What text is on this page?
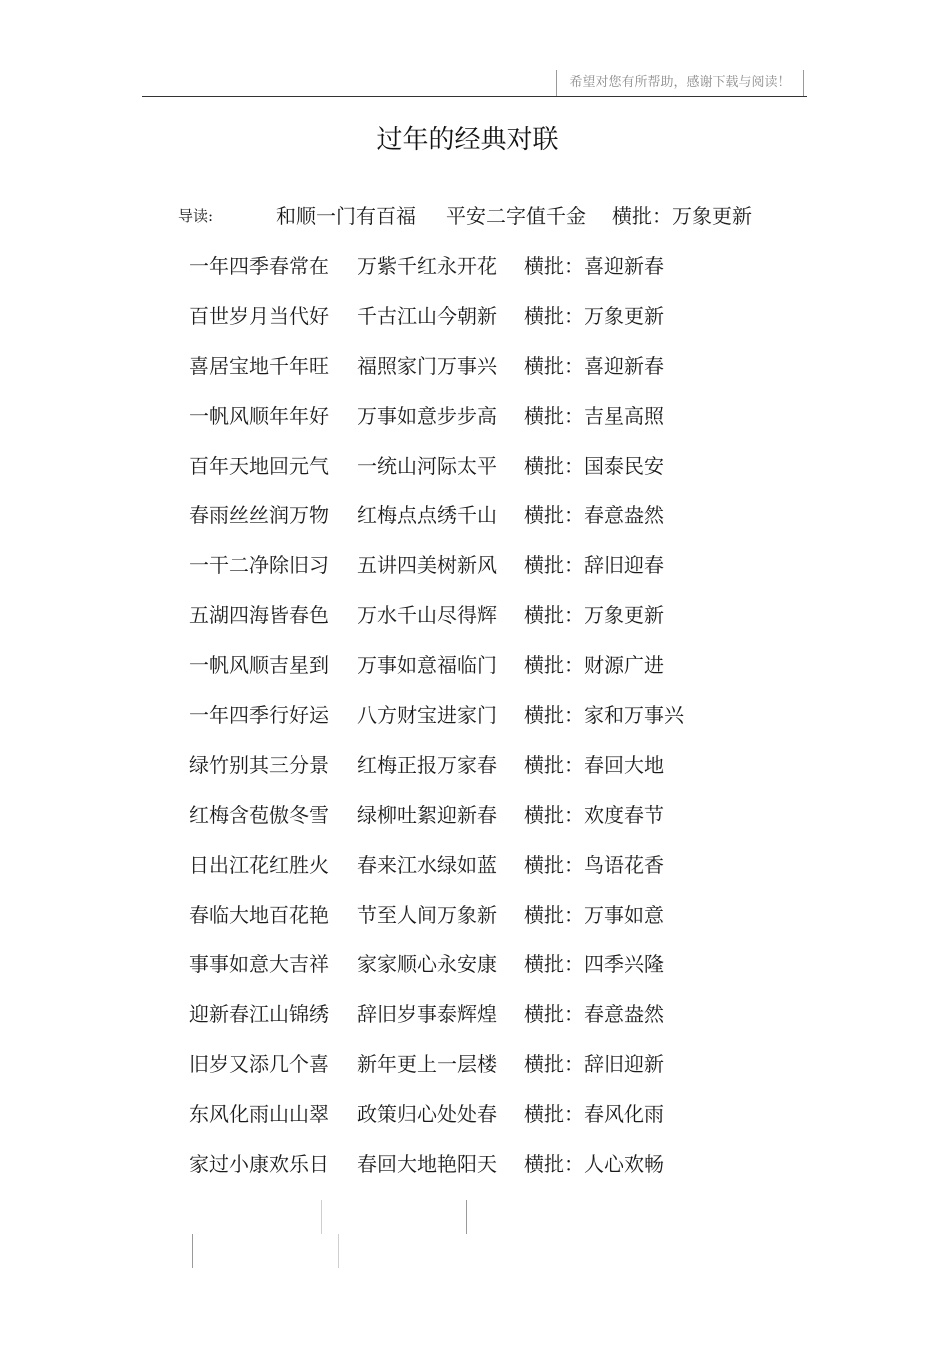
希望对您有所帮助，感谢下载与阅读！
过年的经典对联
导读:	和顺一门有百福 平安二字值千金 横批：万象更新
一年四季春常在 万紫千红永开花 横批：喜迎新春
百世岁月当代好 千古江山今朝新 横批：万象更新
喜居宝地千年旺 福照家门万事兴 横批：喜迎新春
一帆风顺年年好 万事如意步步高 横批：吉星高照
百年天地回元气 一统山河际太平 横批：国泰民安
春雨丝丝润万物 红梅点点绣千山 横批：春意盎然
一干二净除旧习 五讲四美树新风 横批：辞旧迎春
五湖四海皆春色 万水千山尽得辉 横批：万象更新
一帆风顺吉星到 万事如意福临门 横批：财源广进
一年四季行好运 八方财宝进家门 横批：家和万事兴
绿竹别其三分景 红梅正报万家春 横批：春回大地
红梅含苞傲冬雪 绿柳吐絮迎新春 横批：欢度春节
日出江花红胜火 春来江水绿如蓝 横批：鸟语花香
春临大地百花艳 节至人间万象新 横批：万事如意
事事如意大吉祥 家家顺心永安康 横批：四季兴隆
迎新春江山锦绣 辞旧岁事泰辉煌 横批：春意盎然
旧岁又添几个喜 新年更上一层楼 横批：辞旧迎新
东风化雨山山翠 政策归心处处春 横批：春风化雨
家过小康欢乐日 春回大地艳阳天 横批：人心欢畅
